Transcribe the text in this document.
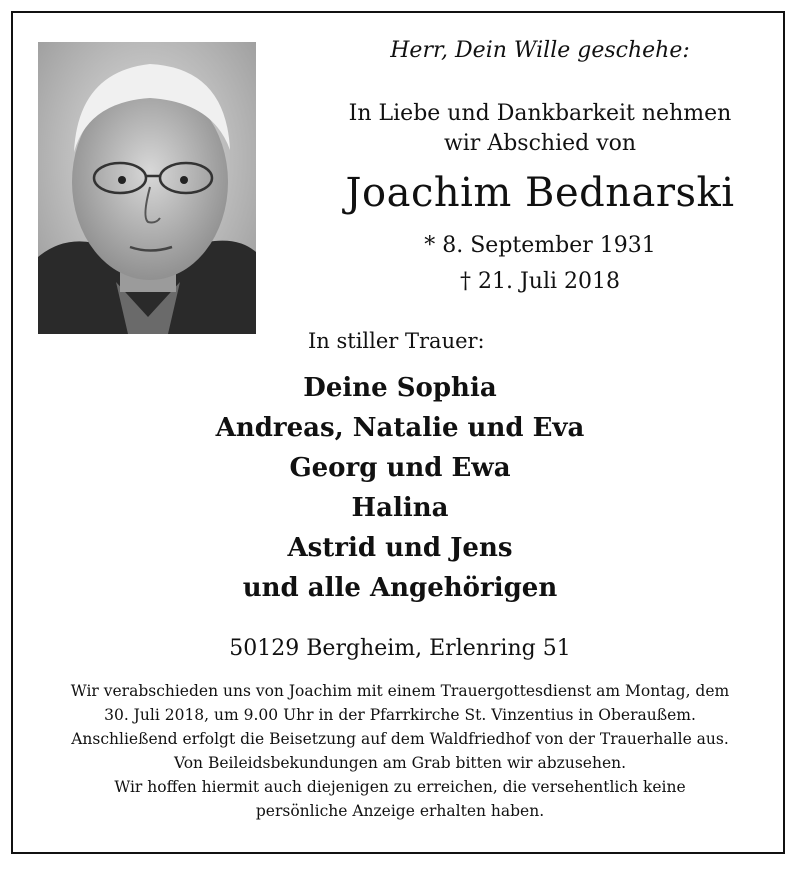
Herr, Dein Wille geschehe:
In Liebe und Dankbarkeit nehmen
wir Abschied von
Joachim Bednarski
* 8. September 1931
† 21. Juli 2018
In stiller Trauer:
Deine Sophia
Andreas, Natalie und Eva
Georg und Ewa
Halina
Astrid und Jens
und alle Angehörigen
50129 Bergheim, Erlenring 51
Wir verabschieden uns von Joachim mit einem Trauergottesdienst am Montag, dem
30. Juli 2018, um 9.00 Uhr in der Pfarrkirche St. Vinzentius in Oberaußem.
Anschließend erfolgt die Beisetzung auf dem Waldfriedhof von der Trauerhalle aus.
Von Beileidsbekundungen am Grab bitten wir abzusehen.
Wir hoffen hiermit auch diejenigen zu erreichen, die versehentlich keine
persönliche Anzeige erhalten haben.
